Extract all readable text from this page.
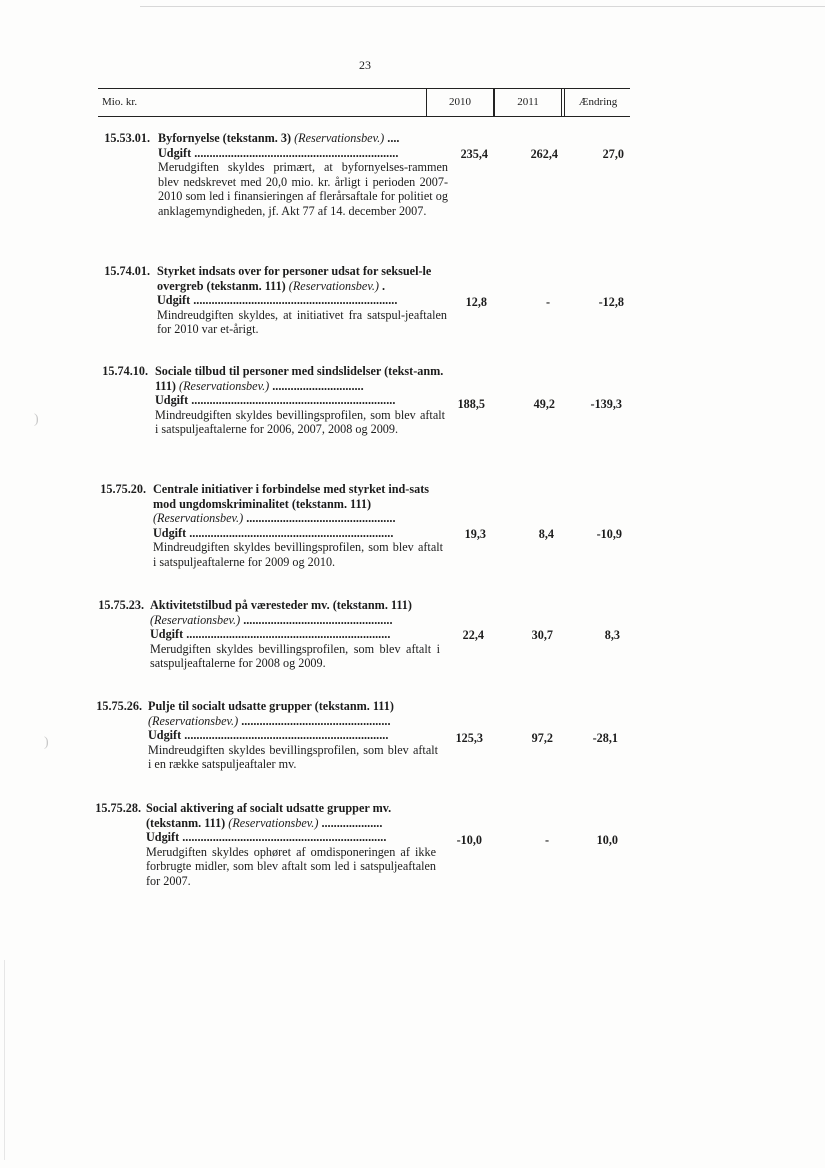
)
)
23
Mio. kr.	2010	2011	Ændring
15.53.01. Byfornyelse (tekstanm. 3) (Reservationsbev.) ....
Udgift ...................................................................
Merudgiften skyldes primært, at byfornyelses-rammen blev nedskrevet med 20,0 mio. kr. årligt i perioden 2007-2010 som led i finansieringen af flerårsaftale for politiet og anklagemyndigheden, jf. Akt 77 af 14. december 2007.
235,4	262,4	27,0
15.74.01. Styrket indsats over for personer udsat for seksuel-le overgreb (tekstanm. 111) (Reservationsbev.) .
Udgift ...................................................................
Mindreudgiften skyldes, at initiativet fra satspul-jeaftalen for 2010 var et-årigt.
12,8	-	-12,8
15.74.10. Sociale tilbud til personer med sindslidelser (tekst-anm. 111) (Reservationsbev.) ..............................
Udgift ...................................................................
Mindreudgiften skyldes bevillingsprofilen, som blev aftalt i satspuljeaftalerne for 2006, 2007, 2008 og 2009.
188,5	49,2	-139,3
15.75.20. Centrale initiativer i forbindelse med styrket ind-sats mod ungdomskriminalitet (tekstanm. 111) (Reservationsbev.) .................................................
Udgift ...................................................................
Mindreudgiften skyldes bevillingsprofilen, som blev aftalt i satspuljeaftalerne for 2009 og 2010.
19,3	8,4	-10,9
15.75.23. Aktivitetstilbud på væresteder mv. (tekstanm. 111) (Reservationsbev.) .................................................
Udgift ...................................................................
Merudgiften skyldes bevillingsprofilen, som blev aftalt i satspuljeaftalerne for 2008 og 2009.
22,4	30,7	8,3
15.75.26. Pulje til socialt udsatte grupper (tekstanm. 111) (Reservationsbev.) .................................................
Udgift ...................................................................
Mindreudgiften skyldes bevillingsprofilen, som blev aftalt i en række satspuljeaftaler mv.
125,3	97,2	-28,1
15.75.28. Social aktivering af socialt udsatte grupper mv. (tekstanm. 111) (Reservationsbev.) ....................
Udgift ...................................................................
Merudgiften skyldes ophøret af omdisponeringen af ikke forbrugte midler, som blev aftalt som led i satspuljeaftalen for 2007.
-10,0	-	10,0
